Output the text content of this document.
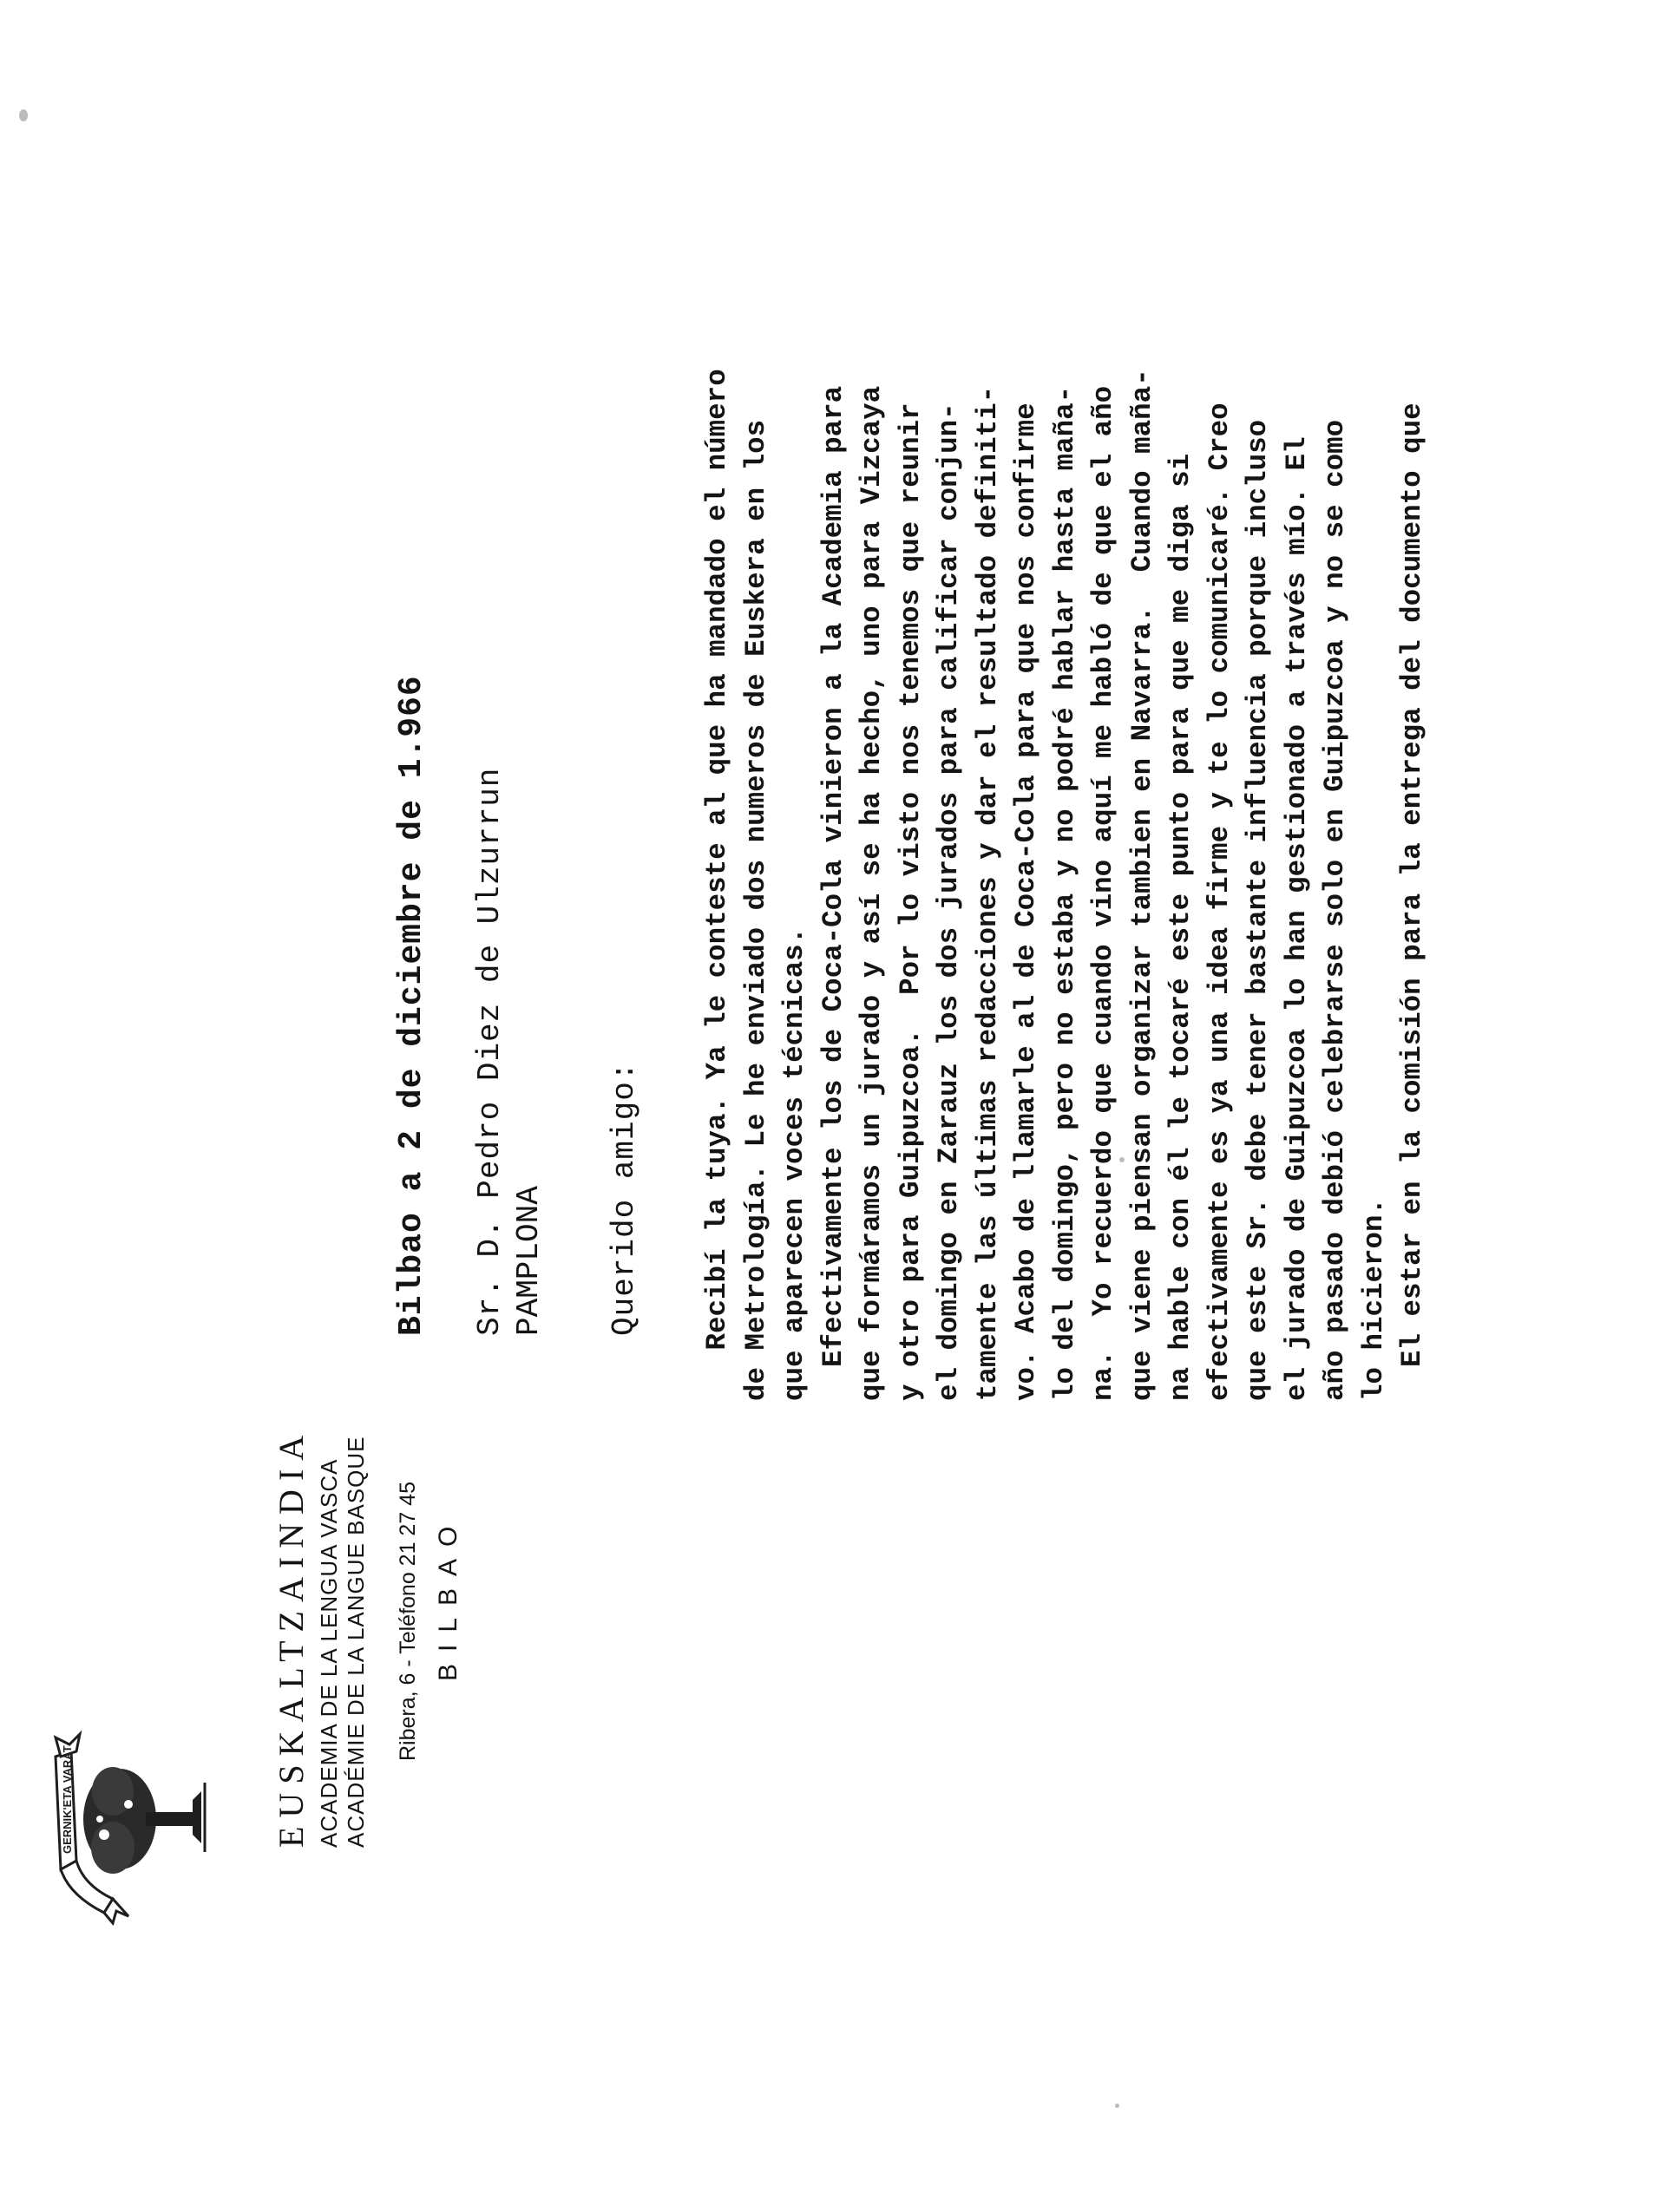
GERNIK'ETA VARAT	EUSKALTZAINDIA ACADEMIA DE LA LENGUA VASCA ACADÉMIE DE LA LANGUE BASQUE Ribera, 6 - Teléfono 21 27 45 BILBAO

Bilbao a 2 de diciembre de 1.966 Sr. D. Pedro Diez de Ulzurrun PAMPLONA Querido amigo: Recibí la tuya. Ya le conteste al que ha mandado el número de Metrología. Le he enviado dos numeros de Euskera en los que aparecen voces técnicas. Efectivamente los de Coca-Cola vinieron a la Academia para que formáramos un jurado y así se ha hecho, uno para Vizcaya y otro para Guipuzcoa.  Por lo visto nos tenemos que reunir el domingo en Zarauz los dos jurados para calificar conjun- tamente las últimas redacciones y dar el resultado definiti- vo. Acabo de llamarle al de Coca-Cola para que nos confirme lo del domingo, pero no estaba y no podré hablar hasta maña- na.  Yo recuerdo que cuando vino aquí me habló de que el año que viene piensan organizar tambien en Navarra.  Cuando maña- na hable con él le tocaré este punto para que me diga si efectivamente es ya una idea firme y te lo comunicaré. Creo que este Sr. debe tener bastante influencia porque incluso el jurado de Guipuzcoa lo han gestionado a través mío. El año pasado debió celebrarse solo en Guipuzcoa y no se como lo hicieron. El estar en la comisión para la entrega del documento que
